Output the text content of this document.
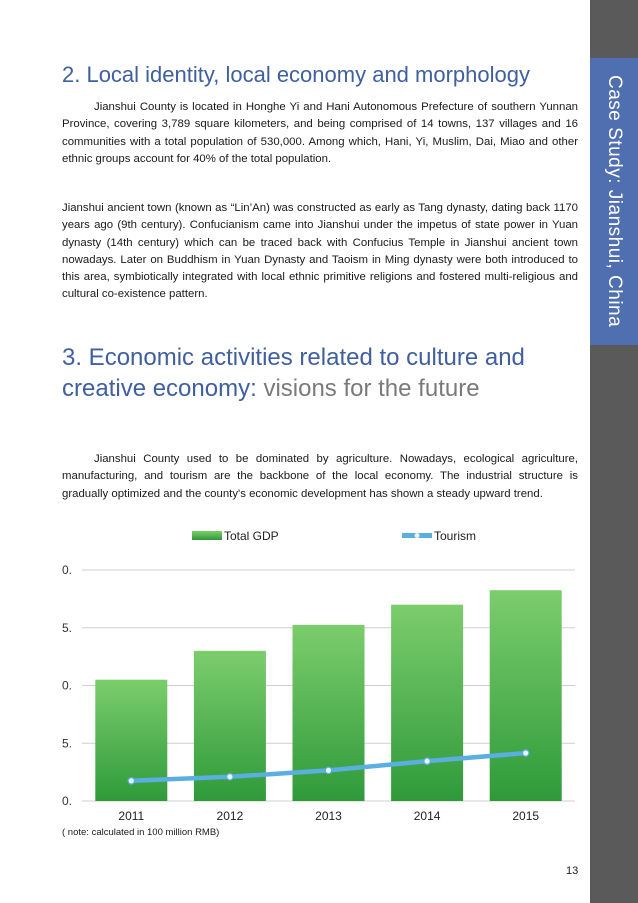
Case Study: Jianshui, China
2. Local identity, local economy and morphology

Jianshui County is located in Honghe Yi and Hani Autonomous Prefecture of southern Yunnan Province, covering 3,789 square kilometers, and being comprised of 14 towns, 137 villages and 16 communities with a total population of 530,000. Among which, Hani, Yi, Muslim, Dai, Miao and other ethnic groups account for 40% of the total population.

Jianshui ancient town (known as “Lin’An) was constructed as early as Tang dynasty, dating back 1170 years ago (9th century). Confucianism came into Jianshui under the impetus of state power in Yuan dynasty (14th century) which can be traced back with Confucius Temple in Jianshui ancient town nowadays. Later on Buddhism in Yuan Dynasty and Taoism in Ming dynasty were both introduced to this area, symbiotically integrated with local ethnic primitive religions and fostered multi-religious and cultural co-existence pattern.

3. Economic activities related to culture and creative economy: visions for the future

Jianshui County used to be dominated by agriculture. Nowadays, ecological agriculture, manufacturing, and tourism are the backbone of the local economy. The industrial structure is gradually optimized and the county's economic development has shown a steady upward trend.

0.
5.
0.
5.
0.
2011	2012	2013	2014	2015
Total GDP	Tourism
( note: calculated in 100 million RMB)
13
